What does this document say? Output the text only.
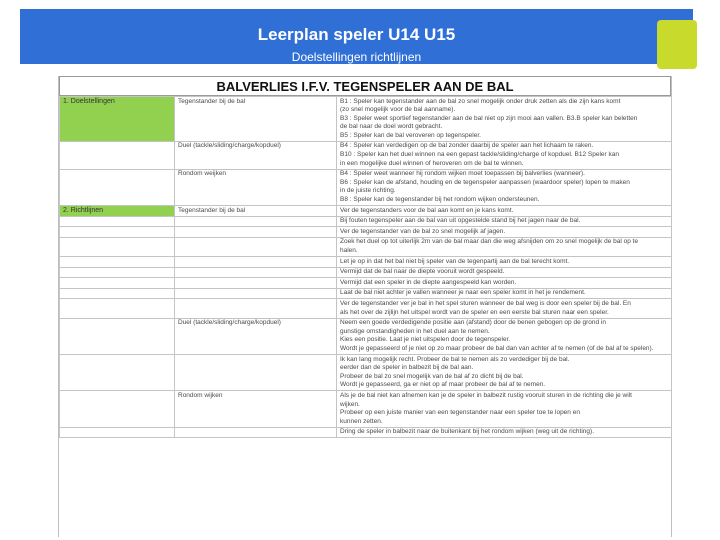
Leerplan speler U14 U15
Doelstellingen richtlijnen
BALVERLIES I.F.V. TEGENSPELER AAN DE BAL
1. Doelstellingen	Tegenstander bij de bal	B1 : Speler kan tegenstander aan de bal zo snel mogelijk onder druk zetten als die zijn kans komt
(zo snel mogelijk voor de bal aanname).
B3 : Speler weet sportief tegenstander aan de bal niet op zijn mooi aan vallen. B3.B speler kan beletten
de bal naar de doel wordt gebracht.
B5 : Speler kan de bal veroveren op tegenspeler.

	Duel (tackle/sliding/charge/kopduel)	B4 : Speler kan verdedigen op de bal zonder daarbij de speler aan het lichaam te raken.
B10 : Speler kan het duel winnen na een gepast tackle/sliding/charge of kopduel. B12 Speler kan
in een mogelijke duel winnen of heroveren om de bal te winnen.

	Rondom weijken	B4 : Speler weet wanneer hij rondom wijken moet toepassen bij balverlies (wanneer).
B6 : Speler kan de afstand, houding en de tegenspeler aanpassen (waardoor speler) lopen te maken
in de juiste richting.
B8 : Speler kan de tegenstander bij het rondom wijken ondersteunen.

2. Richtlijnen	Tegenstander bij de bal	Ver de tegenstanders voor de bal aan komt en je kans komt.

		Bij fouten tegenspeler aan de bal van uit opgestelde stand bij het jagen naar de bal.

		Ver de tegenstander van de bal zo snel mogelijk af jagen.

		Zoek het duel op tot uiterlijk 2m van de bal maar dan die weg afsnijden om zo snel mogelijk de bal op te
halen.

		Let je op in dat het bal niet bij speler van de tegenpartij aan de bal terecht komt.

		Vermijd dat de bal naar de diepte vooruit wordt gespeeld.

		Vermijd dat een speler in de diepte aangespeeld kan worden.

		Laat de bal niet achter je vallen wanneer je naar een speler komt in het je rendement.

		Ver de tegenstander ver je bal in het spel sturen wanneer de bal weg is door een speler bij de bal. En
als het over de zijlijn het uitspel wordt van de speler en een eerste bal sturen naar een speler.

	Duel (tackle/sliding/charge/kopduel)	Neem een goede verdedigende positie aan (afstand) door de benen gebogen op de grond in
gunstige omstandigheden in het duel aan te nemen.
Kies een positie. Laat je niet uitspelen door de tegenspeler.
Wordt je gepasseerd of je niet op zo maar probeer de bal dan van achter af te nemen (of de bal af te spelen).

		Ik kan lang mogelijk recht. Probeer de bal te nemen als zo verdediger bij de bal.
eerder dan de speler in balbezit bij de bal aan.
Probeer de bal zo snel mogelijk van de bal af zo dicht bij de bal.
Wordt je gepasseerd, ga er niet op af maar probeer de bal af te nemen.

	Rondom wijken	Als je de bal niet kan afnemen kan je de speler in balbezit rustig vooruit sturen in de richting die je wilt
wijken.
Probeer op een juiste manier van een tegenstander naar een speler toe te lopen en
kunnen zetten.

		Dring de speler in balbezit naar de buitenkant bij het rondom wijken (weg uit de richting).
